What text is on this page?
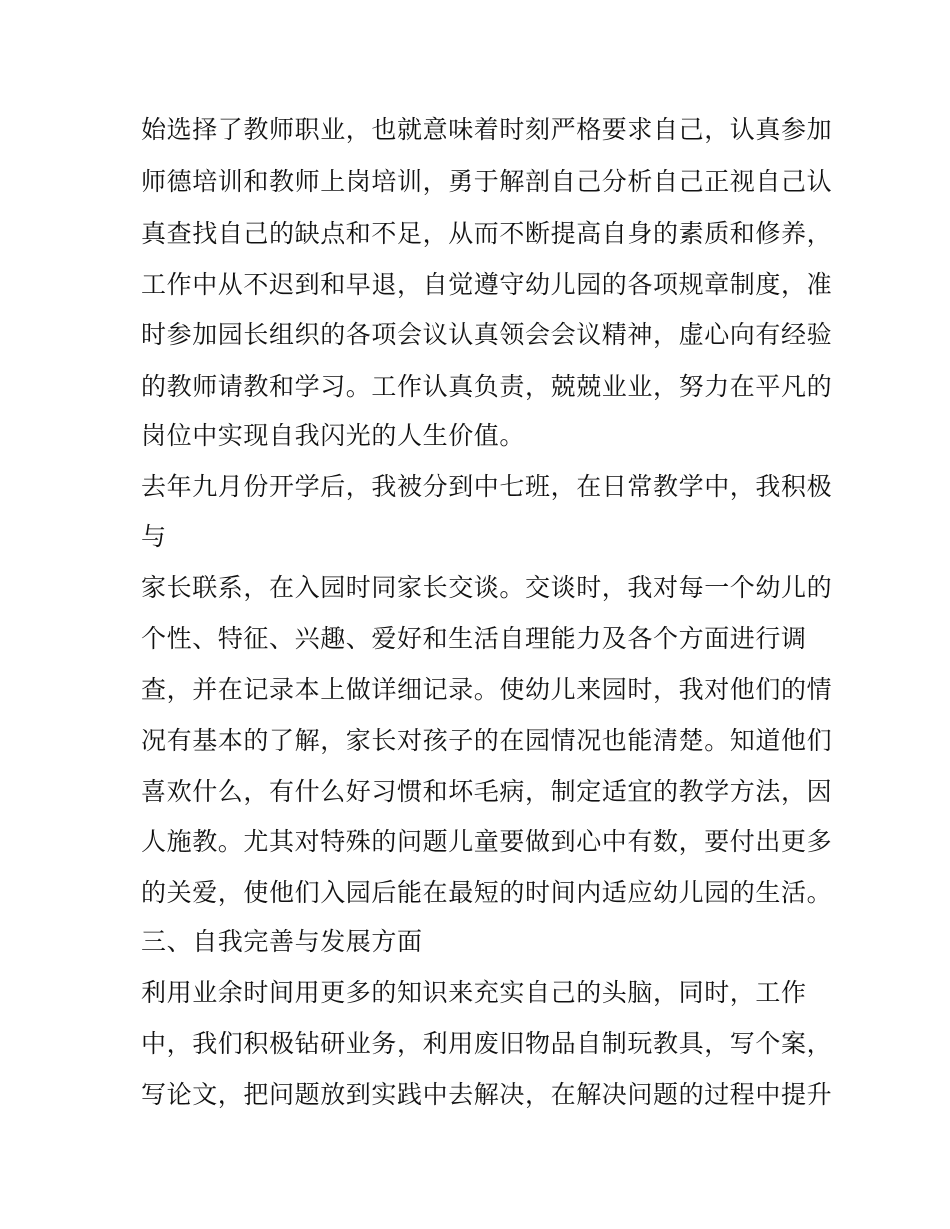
始选择了教师职业，也就意味着时刻严格要求自己，认真参加
师德培训和教师上岗培训，勇于解剖自己分析自己正视自己认
真查找自己的缺点和不足，从而不断提高自身的素质和修养，
工作中从不迟到和早退，自觉遵守幼儿园的各项规章制度，准
时参加园长组织的各项会议认真领会会议精神，虚心向有经验
的教师请教和学习。工作认真负责，兢兢业业，努力在平凡的
岗位中实现自我闪光的人生价值。
去年九月份开学后，我被分到中七班，在日常教学中，我积极
与
家长联系，在入园时同家长交谈。交谈时，我对每一个幼儿的
个性、特征、兴趣、爱好和生活自理能力及各个方面进行调
查，并在记录本上做详细记录。使幼儿来园时，我对他们的情
况有基本的了解，家长对孩子的在园情况也能清楚。知道他们
喜欢什么，有什么好习惯和坏毛病，制定适宜的教学方法，因
人施教。尤其对特殊的问题儿童要做到心中有数，要付出更多
的关爱，使他们入园后能在最短的时间内适应幼儿园的生活。
三、自我完善与发展方面
利用业余时间用更多的知识来充实自己的头脑，同时，工作
中，我们积极钻研业务，利用废旧物品自制玩教具，写个案，
写论文，把问题放到实践中去解决，在解决问题的过程中提升
